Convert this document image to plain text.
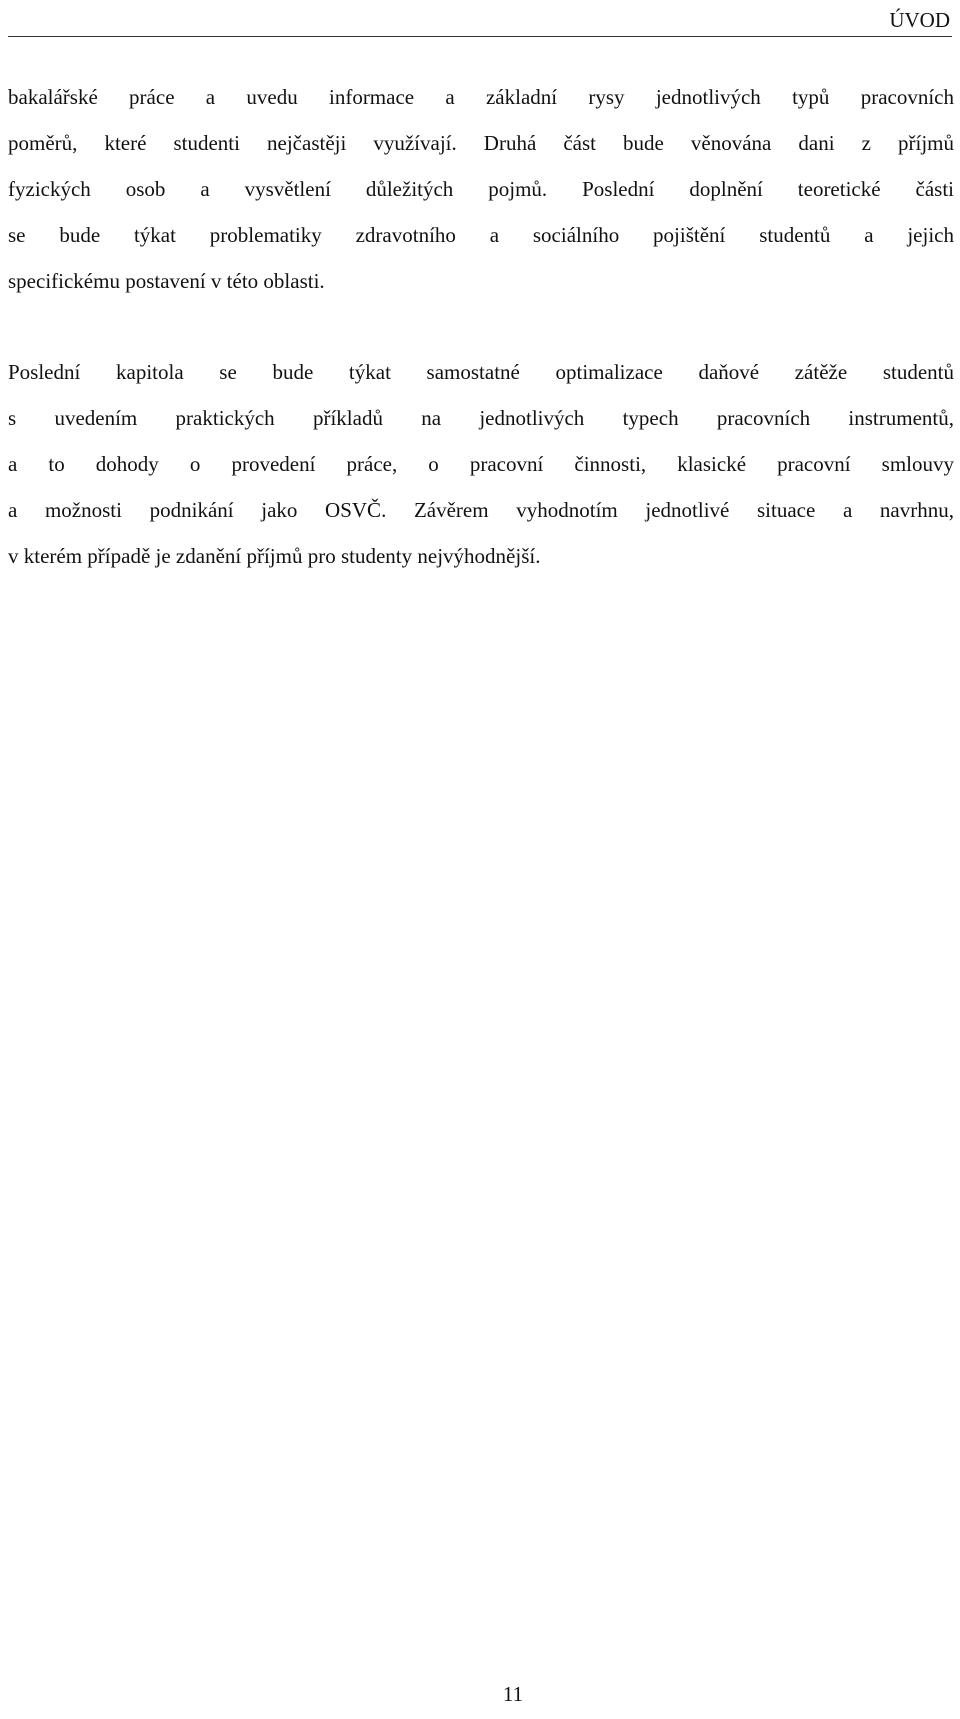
ÚVOD

bakalářské práce a uvedu informace a základní rysy jednotlivých typů pracovních
poměrů, které studenti nejčastěji využívají. Druhá část bude věnována dani z příjmů
fyzických osob a vysvětlení důležitých pojmů. Poslední doplnění teoretické části
se bude týkat problematiky zdravotního a sociálního pojištění studentů a jejich
specifickému postavení v této oblasti.

Poslední kapitola se bude týkat samostatné optimalizace daňové zátěže studentů
s uvedením praktických příkladů na jednotlivých typech pracovních instrumentů,
a to dohody o provedení práce, o pracovní činnosti, klasické pracovní smlouvy
a možnosti podnikání jako OSVČ. Závěrem vyhodnotím jednotlivé situace a navrhnu,
v kterém případě je zdanění příjmů pro studenty nejvýhodnější.

11
